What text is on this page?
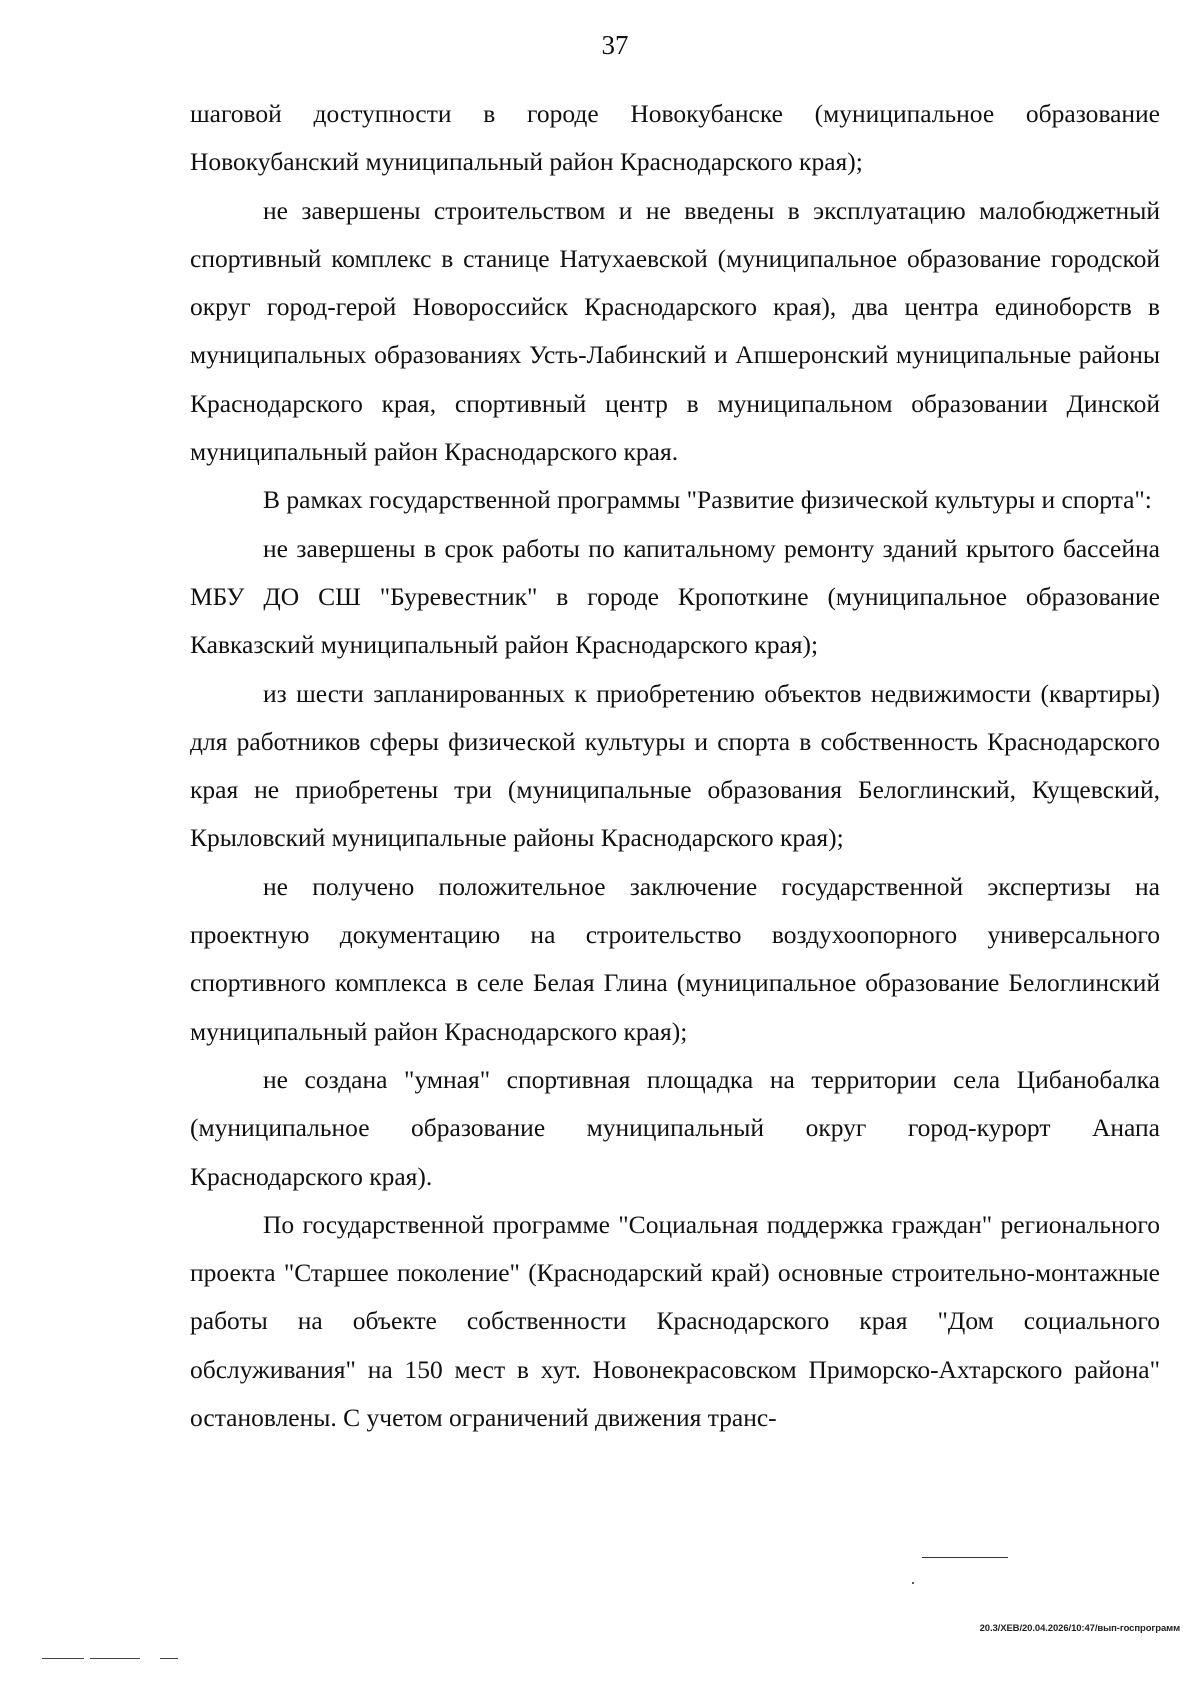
37

шаговой доступности в городе Новокубанске (муниципальное образование Новокубанский муниципальный район Краснодарского края);

не завершены строительством и не введены в эксплуатацию малобюджетный спортивный комплекс в станице Натухаевской (муниципальное образование городской округ город-герой Новороссийск Краснодарского края), два центра единоборств в муниципальных образованиях Усть-Лабинский и Апшеронский муниципальные районы Краснодарского края, спортивный центр в муниципальном образовании Динской муниципальный район Краснодарского края.

В рамках государственной программы "Развитие физической культуры и спорта":

не завершены в срок работы по капитальному ремонту зданий крытого бассейна МБУ ДО СШ "Буревестник" в городе Кропоткине (муниципальное образование Кавказский муниципальный район Краснодарского края);

из шести запланированных к приобретению объектов недвижимости (квартиры) для работников сферы физической культуры и спорта в собственность Краснодарского края не приобретены три (муниципальные образования Белоглинский, Кущевский, Крыловский муниципальные районы Краснодарского края);

не получено положительное заключение государственной экспертизы на проектную документацию на строительство воздухоопорного универсального спортивного комплекса в селе Белая Глина (муниципальное образование Белоглинский муниципальный район Краснодарского края);

не создана "умная" спортивная площадка на территории села Цибанобалка (муниципальное образование муниципальный округ город-курорт Анапа Краснодарского края).

По государственной программе "Социальная поддержка граждан" регионального проекта "Старшее поколение" (Краснодарский край) основные строительно-монтажные работы на объекте собственности Краснодарского края "Дом социального обслуживания" на 150 мест в хут. Новонекрасовском Приморско-Ахтарского района" остановлены. С учетом ограничений движения транс-

20.3/ХЕВ/20.04.2026/10:47/вып-госпрограмм
